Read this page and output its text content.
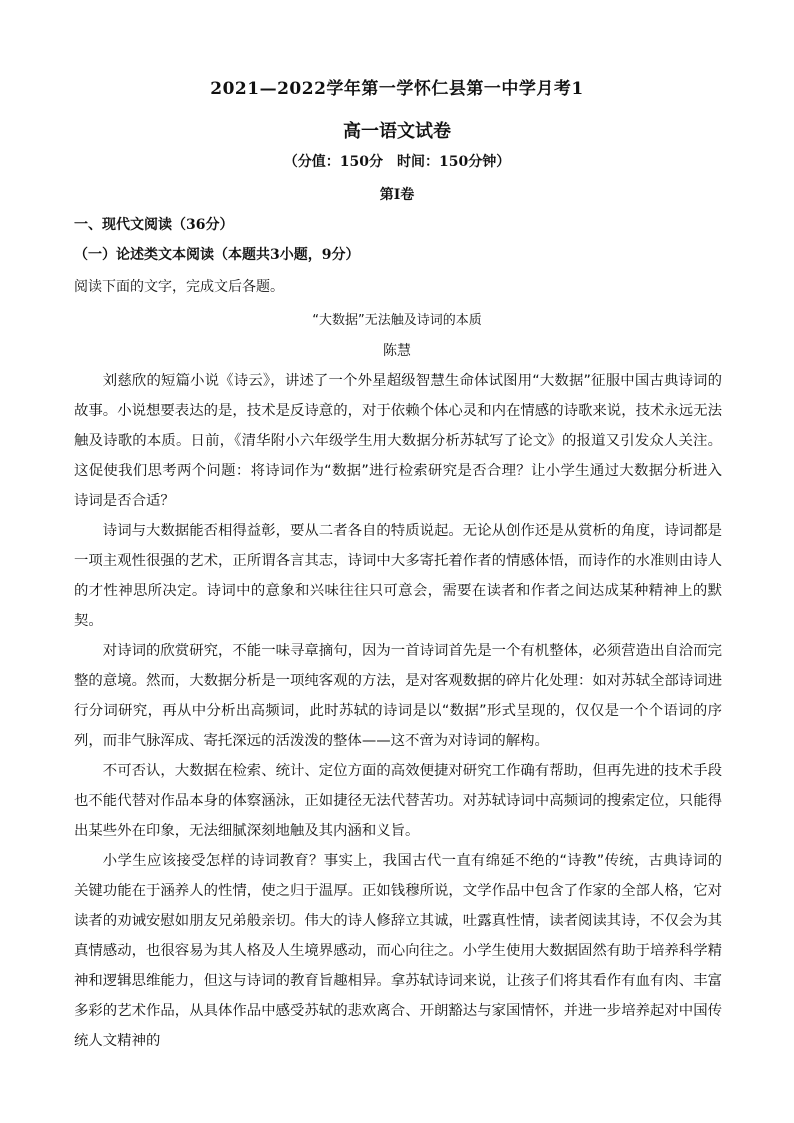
2021—2022学年第一学怀仁县第一中学月考1
高一语文试卷
（分值：150分　时间：150分钟）
第Ⅰ卷
一、现代文阅读（36分）
（一）论述类文本阅读（本题共3小题，9分）
阅读下面的文字，完成文后各题。
“大数据”无法触及诗词的本质
陈慧

刘慈欣的短篇小说《诗云》，讲述了一个外星超级智慧生命体试图用“大数据”征服中国古典诗词的故事。小说想要表达的是，技术是反诗意的，对于依赖个体心灵和内在情感的诗歌来说，技术永远无法触及诗歌的本质。日前，《清华附小六年级学生用大数据分析苏轼写了论文》的报道又引发众人关注。这促使我们思考两个问题：将诗词作为“数据”进行检索研究是否合理？让小学生通过大数据分析进入诗词是否合适？

诗词与大数据能否相得益彰，要从二者各自的特质说起。无论从创作还是从赏析的角度，诗词都是一项主观性很强的艺术，正所谓各言其志，诗词中大多寄托着作者的情感体悟，而诗作的水准则由诗人的才性神思所决定。诗词中的意象和兴味往往只可意会，需要在读者和作者之间达成某种精神上的默契。

对诗词的欣赏研究，不能一味寻章摘句，因为一首诗词首先是一个有机整体，必须营造出自洽而完整的意境。然而，大数据分析是一项纯客观的方法，是对客观数据的碎片化处理：如对苏轼全部诗词进行分词研究，再从中分析出高频词，此时苏轼的诗词是以“数据”形式呈现的，仅仅是一个个语词的序列，而非气脉浑成、寄托深远的活泼泼的整体——这不啻为对诗词的解构。

不可否认，大数据在检索、统计、定位方面的高效便捷对研究工作确有帮助，但再先进的技术手段也不能代替对作品本身的体察涵泳，正如捷径无法代替苦功。对苏轼诗词中高频词的搜索定位，只能得出某些外在印象，无法细腻深刻地触及其内涵和义旨。

小学生应该接受怎样的诗词教育？事实上，我国古代一直有绵延不绝的“诗教”传统，古典诗词的关键功能在于涵养人的性情，使之归于温厚。正如钱穆所说，文学作品中包含了作家的全部人格，它对读者的劝诫安慰如朋友兄弟般亲切。伟大的诗人修辞立其诚，吐露真性情，读者阅读其诗，不仅会为其真情感动，也很容易为其人格及人生境界感动，而心向往之。小学生使用大数据固然有助于培养科学精神和逻辑思维能力，但这与诗词的教育旨趣相异。拿苏轼诗词来说，让孩子们将其看作有血有肉、丰富多彩的艺术作品，从具体作品中感受苏轼的悲欢离合、开朗豁达与家国情怀，并进一步培养起对中国传统人文精神的
